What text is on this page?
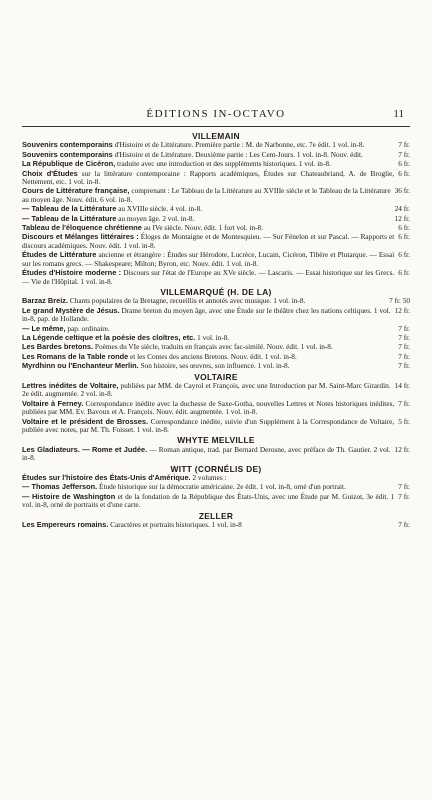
ÉDITIONS IN-OCTAVO	11
VILLEMAIN
7 fr.
Souvenirs contemporains d'Histoire et de Littérature. Première partie : M. de Narbonne, etc. 7e édit. 1 vol. in-8.
7 fr.
Souvenirs contemporains d'Histoire et de Littérature. Deuxième partie : Les Cent-Jours. 1 vol. in-8. Nouv. édit.
6 fr.
La République de Cicéron, traduite avec une introduction et des suppléments historiques. 1 vol. in-8.
6 fr.
Choix d'Études sur la littérature contemporaine : Rapports académiques, Études sur Chateaubriand, A. de Broglie, Nettement, etc. 1 vol. in-8.
36 fr.
Cours de Littérature française, comprenant : Le Tableau de la Littérature au XVIIIe siècle et le Tableau de la Littérature au moyen âge. Nouv. édit. 6 vol. in-8.
24 fr.
— Tableau de la Littérature au XVIIIe siècle. 4 vol. in-8.
12 fr.
— Tableau de la Littérature au moyen âge. 2 vol. in-8.
6 fr.
Tableau de l'éloquence chrétienne au IVe siècle. Nouv. édit. 1 fort vol. in-8.
6 fr.
Discours et Mélanges littéraires : Éloges de Montaigne et de Montesquieu. — Sur Fénelon et sur Pascal. — Rapports et discours académiques. Nouv. édit. 1 vol. in-8.
6 fr.
Études de Littérature ancienne et étrangère : Études sur Hérodote, Lucrèce, Lucain, Cicéron, Tibère et Plutarque. — Essai sur les romans grecs. — Shakespeare; Milton; Byron, etc. Nouv. édit. 1 vol. in-8.
6 fr.
Études d'Histoire moderne : Discours sur l'état de l'Europe au XVe siècle. — Lascaris. — Essai historique sur les Grecs. — Vie de l'Hôpital. 1 vol. in-8.
VILLEMARQUÉ (H. DE LA)
7 fr. 50
Barzaz Breiz. Chants populaires de la Bretagne, recueillis et annotés avec musique. 1 vol. in-8.
12 fr.
Le grand Mystère de Jésus. Drame breton du moyen âge, avec une Étude sur le théâtre chez les nations celtiques. 1 vol. in-8, pap. de Hollande.
7 fr.
— Le même, pap. ordinaire.
7 fr.
La Légende celtique et la poésie des cloîtres, etc. 1 vol. in-8.
7 fr.
Les Bardes bretons. Poèmes du VIe siècle, traduits en français avec fac-similé. Nouv. édit. 1 vol. in-8.
7 fr.
Les Romans de la Table ronde et les Contes des anciens Bretons. Nouv. édit. 1 vol. in-8.
7 fr.
Myrdhinn ou l'Enchanteur Merlin. Son histoire, ses œuvres, son influence. 1 vol. in-8.
VOLTAIRE
14 fr.
Lettres inédites de Voltaire, publiées par MM. de Cayrol et François, avec une Introduction par M. Saint-Marc Girardin. 2e édit. augmentée. 2 vol. in-8.
7 fr.
Voltaire à Ferney. Correspondance inédite avec la duchesse de Saxe-Gotha, nouvelles Lettres et Notes historiques inédites, publiées par MM. Ev. Bavoux et A. François. Nouv. édit. augmentée. 1 vol. in-8.
5 fr.
Voltaire et le président de Brosses. Correspondance inédite, suivie d'un Supplément à la Correspondance de Voltaire, publiée avec notes, par M. Th. Foisset. 1 vol. in-8.
WHYTE MELVILLE
12 fr.
Les Gladiateurs. — Rome et Judée. — Roman antique, trad. par Bernard Derosne, avec préface de Th. Gautier. 2 vol. in-8.
WITT (CORNÉLIS DE)
Études sur l'histoire des États-Unis d'Amérique. 2 volumes :
7 fr.
— Thomas Jefferson. Étude historique sur la démocratie américaine. 2e édit. 1 vol. in-8, orné d'un portrait.
7 fr.
— Histoire de Washington et de la fondation de la République des États-Unis, avec une Étude par M. Guizot, 3e édit. 1 vol. in-8, orné de portraits et d'une carte.
ZELLER
7 fr.
Les Empereurs romains. Caractères et portraits historiques. 1 vol. in-8
